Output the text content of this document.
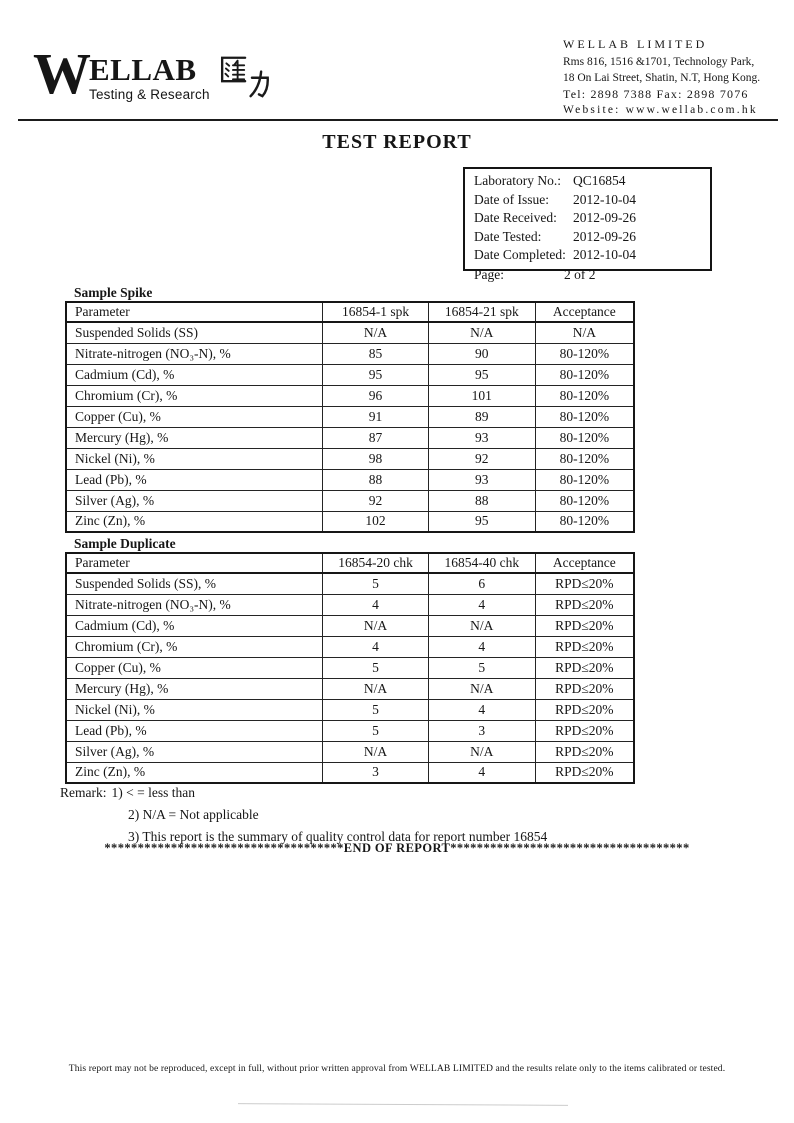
W ELLAB
Testing & Research
WELLAB LIMITED
Rms 816, 1516 &1701, Technology Park,
18 On Lai Street, Shatin, N.T, Hong Kong.
Tel: 2898 7388 Fax: 2898 7076
Website: www.wellab.com.hk
TEST REPORT
Laboratory No.: QC16854
Date of Issue:	2012-10-04
Date Received:	2012-09-26
Date Tested:	2012-09-26
Date Completed: 2012-10-04
Page:	2 of 2
Sample Spike
Parameter	16854-1 spk	16854-21 spk	Acceptance
Suspended Solids (SS)	N/A	N/A	N/A
Nitrate-nitrogen (NO₃-N), %	85	90	80-120%
Cadmium (Cd), %	95	95	80-120%
Chromium (Cr), %	96	101	80-120%
Copper (Cu), %	91	89	80-120%
Mercury (Hg), %	87	93	80-120%
Nickel (Ni), %	98	92	80-120%
Lead (Pb), %	88	93	80-120%
Silver (Ag), %	92	88	80-120%
Zinc (Zn), %	102	95	80-120%
Sample Duplicate
Parameter	16854-20 chk	16854-40 chk	Acceptance
Suspended Solids (SS), %	5	6	RPD≤20%
Nitrate-nitrogen (NO₃-N), %	4	4	RPD≤20%
Cadmium (Cd), %	N/A	N/A	RPD≤20%
Chromium (Cr), %	4	4	RPD≤20%
Copper (Cu), %	5	5	RPD≤20%
Mercury (Hg), %	N/A	N/A	RPD≤20%
Nickel (Ni), %	5	4	RPD≤20%
Lead (Pb), %	5	3	RPD≤20%
Silver (Ag), %	N/A	N/A	RPD≤20%
Zinc (Zn), %	3	4	RPD≤20%
Remark: 1) < = less than
2) N/A = Not applicable
3) This report is the summary of quality control data for report number 16854
************************************END OF REPORT************************************
This report may not be reproduced, except in full, without prior written approval from WELLAB LIMITED and the results relate only to the items calibrated or tested.
